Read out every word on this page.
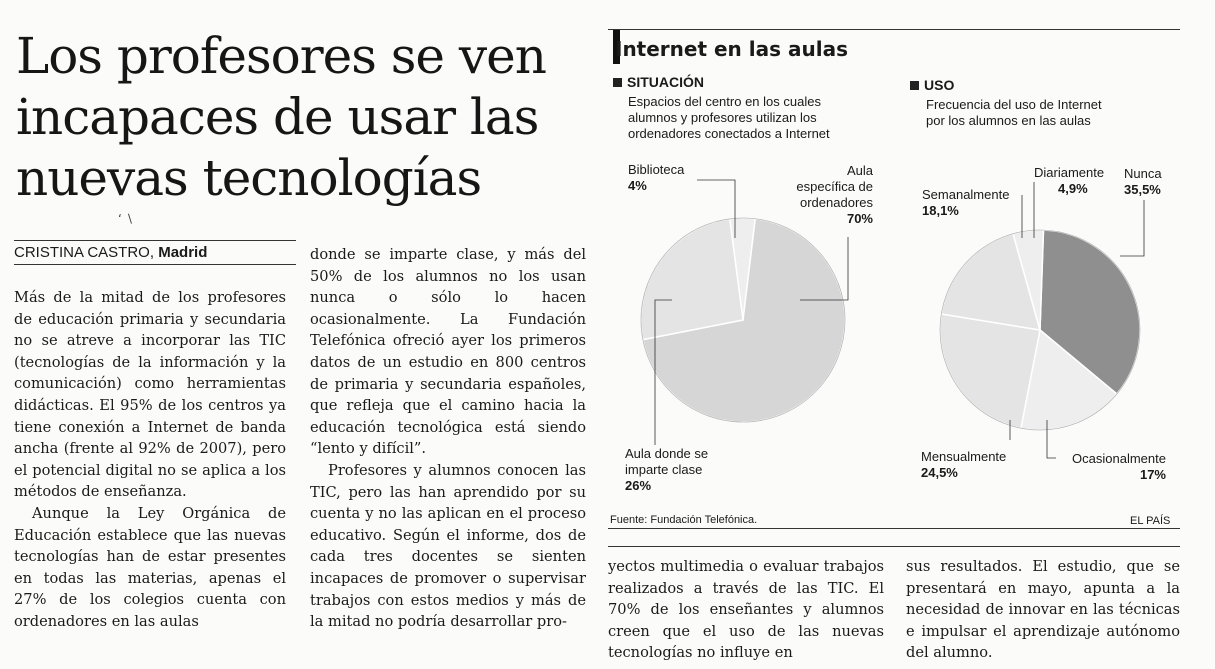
Los profesores se ven
incapaces de usar las
nuevas tecnologías
‘ ∖
CRISTINA CASTRO, Madrid

Más de la mitad de los profesores de educación primaria y secundaria no se atreve a incorporar las TIC (tecnologías de la información y la comunicación) como herramientas didácticas. El 95% de los centros ya tiene conexión a Internet de banda ancha (frente al 92% de 2007), pero el potencial digital no se aplica a los métodos de enseñanza.

Aunque la Ley Orgánica de Educación establece que las nuevas tecnologías han de estar presentes en todas las materias, apenas el 27% de los colegios cuenta con ordenadores en las aulas

donde se imparte clase, y más del 50% de los alumnos no los usan nunca o sólo lo hacen ocasionalmente. La Fundación Telefónica ofreció ayer los primeros datos de un estudio en 800 centros de primaria y secundaria españoles, que refleja que el camino hacia la educación tecnológica está siendo “lento y difícil”.

Profesores y alumnos conocen las TIC, pero las han aprendido por su cuenta y no las aplican en el proceso educativo. Según el informe, dos de cada tres docentes se sienten incapaces de promover o supervisar trabajos con estos medios y más de la mitad no podría desarrollar pro-

yectos multimedia o evaluar trabajos realizados a través de las TIC. El 70% de los enseñantes y alumnos creen que el uso de las nuevas tecnologías no influye en

sus resultados. El estudio, que se presentará en mayo, apunta a la necesidad de innovar en las técnicas e impulsar el aprendizaje autónomo del alumno.

Internet en las aulas
SITUACIÓN
Espacios del centro en los cuales
alumnos y profesores utilizan los
ordenadores conectados a Internet
USO
Frecuencia del uso de Internet
por los alumnos en las aulas
Biblioteca
4%
Aula
específica de
ordenadores
70%
Aula donde se
imparte clase
26%
Diariamente
4,9%
Nunca
35,5%
Semanalmente
18,1%
Mensualmente
24,5%
Ocasionalmente
17%
Fuente: Fundación Telefónica.	EL PAÍS
